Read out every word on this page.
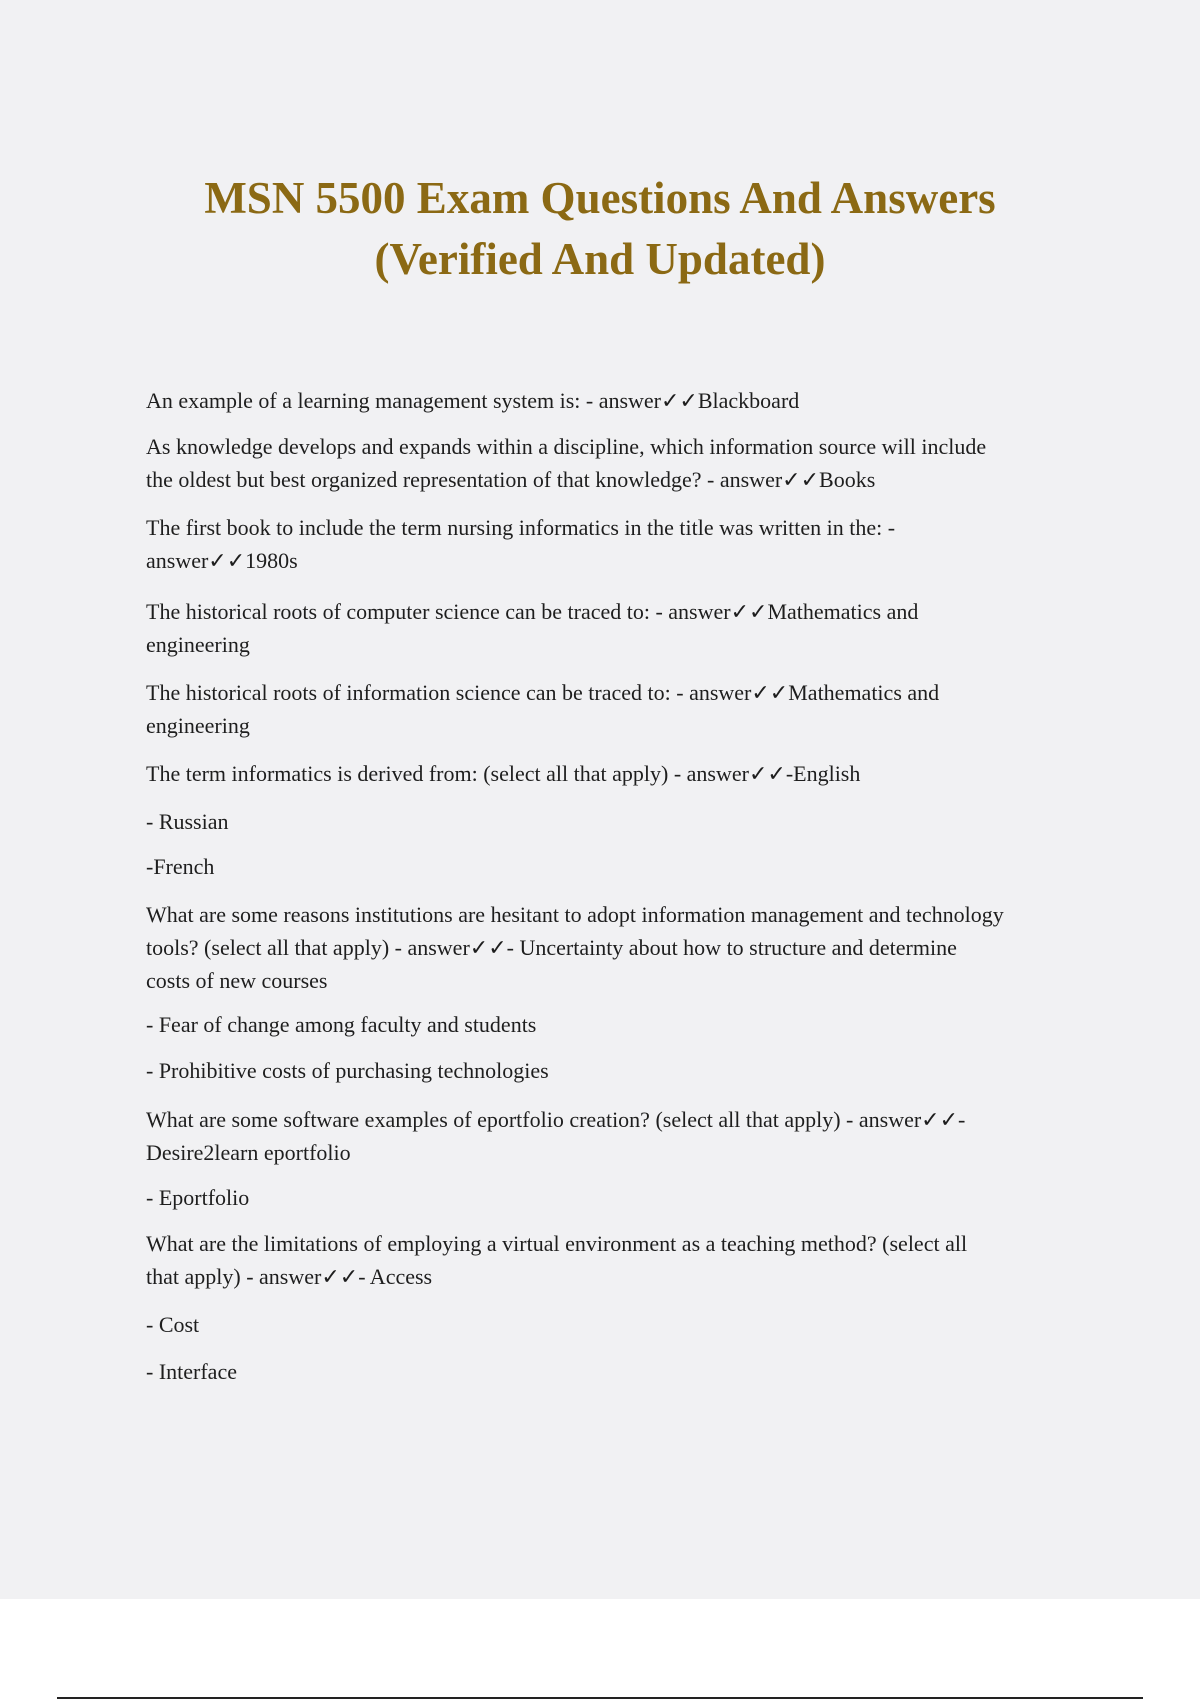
MSN 5500 Exam Questions And Answers
(Verified And Updated)
An example of a learning management system is: - answer✓✓Blackboard
As knowledge develops and expands within a discipline, which information source will include
the oldest but best organized representation of that knowledge? - answer✓✓Books
The first book to include the term nursing informatics in the title was written in the: -
answer✓✓1980s
The historical roots of computer science can be traced to: - answer✓✓Mathematics and
engineering
The historical roots of information science can be traced to: - answer✓✓Mathematics and
engineering
The term informatics is derived from: (select all that apply) - answer✓✓-English
- Russian
-French
What are some reasons institutions are hesitant to adopt information management and technology
tools? (select all that apply) - answer✓✓- Uncertainty about how to structure and determine
costs of new courses
- Fear of change among faculty and students
- Prohibitive costs of purchasing technologies
What are some software examples of eportfolio creation? (select all that apply) - answer✓✓-
Desire2learn eportfolio
- Eportfolio
What are the limitations of employing a virtual environment as a teaching method? (select all
that apply) - answer✓✓- Access
- Cost
- Interface
